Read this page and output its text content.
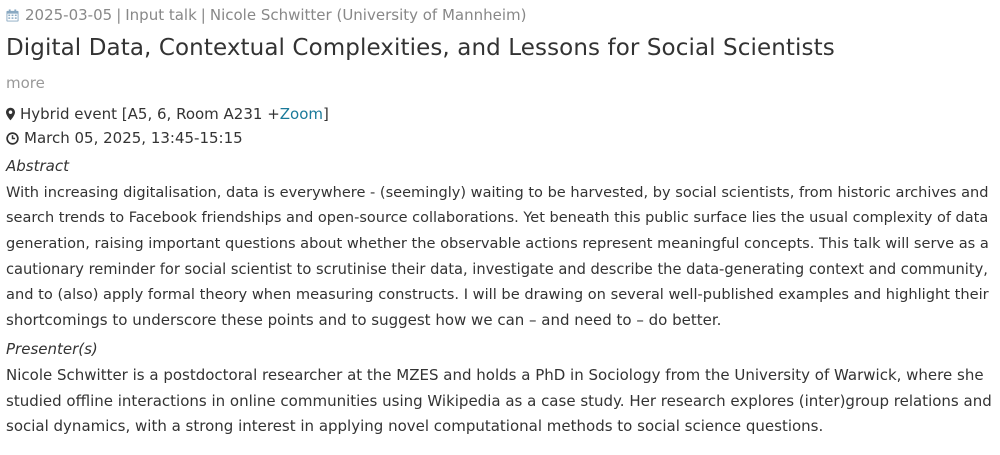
2025-03-05 | Input talk | Nicole Schwitter (University of Mannheim)
Digital Data, Contextual Complexities, and Lessons for Social Scientists
more
Hybrid event [A5, 6, Room A231 + Zoom ]
March 05, 2025, 13:45-15:15
Abstract
With increasing digitalisation, data is everywhere - (seemingly) waiting to be harvested, by social scientists, from historic archives and
search trends to Facebook friendships and open-source collaborations. Yet beneath this public surface lies the usual complexity of data
generation, raising important questions about whether the observable actions represent meaningful concepts. This talk will serve as a
cautionary reminder for social scientist to scrutinise their data, investigate and describe the data-generating context and community,
and to (also) apply formal theory when measuring constructs. I will be drawing on several well-published examples and highlight their
shortcomings to underscore these points and to suggest how we can – and need to – do better.
Presenter(s)
Nicole Schwitter is a postdoctoral researcher at the MZES and holds a PhD in Sociology from the University of Warwick, where she
studied offline interactions in online communities using Wikipedia as a case study. Her research explores (inter)group relations and
social dynamics, with a strong interest in applying novel computational methods to social science questions.
